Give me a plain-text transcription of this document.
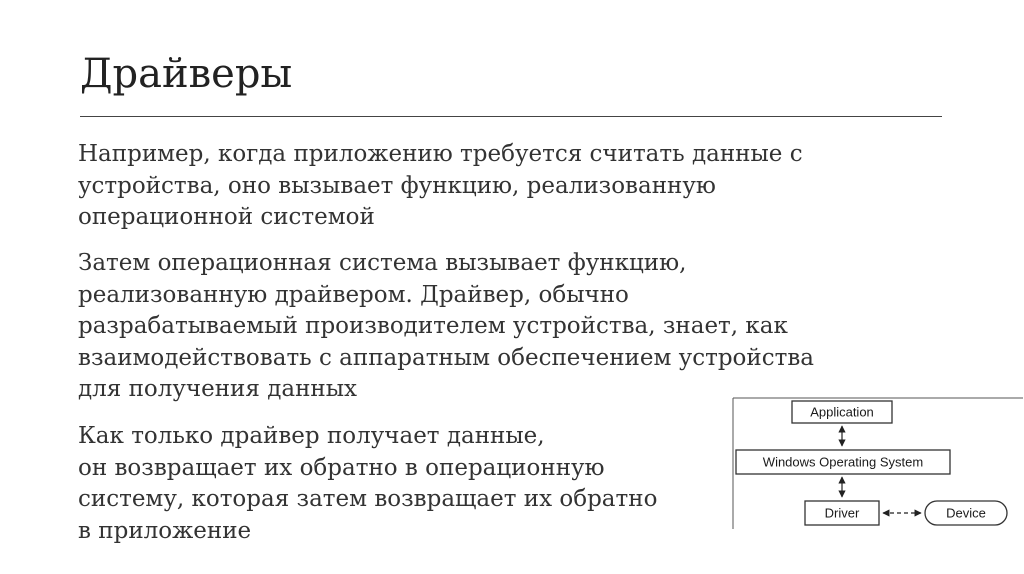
Драйверы

Например, когда приложению требуется считать данные с
устройства, оно вызывает функцию, реализованную
операционной системой

Затем операционная система вызывает функцию,
реализованную драйвером. Драйвер, обычно
разрабатываемый производителем устройства, знает, как
взаимодействовать с аппаратным обеспечением устройства
для получения данных

Как только драйвер получает данные,
он возвращает их обратно в операционную
систему, которая затем возвращает их обратно
в приложение

Application
Windows Operating System
Driver	Device
